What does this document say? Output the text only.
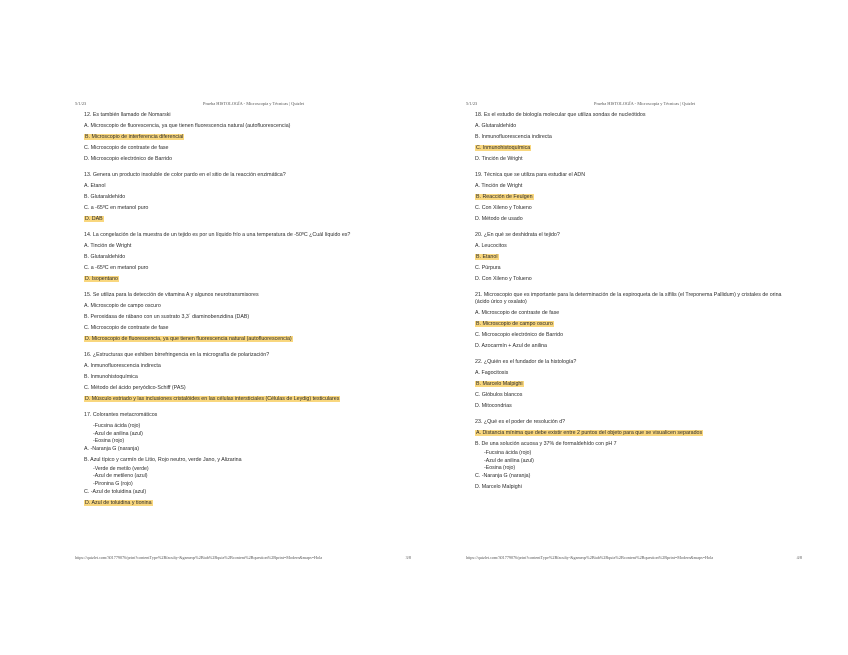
5/1/23	Prueba HISTOLOGÍA - Microscopía y Técnicas | Quizlet
12. Es también llamado de Nomarski
A. Microscopio de fluorescencia, ya que tienen fluorescencia natural (autofluorescencia)
B. Microscopio de interferencia diferencial
C. Microscopio de contraste de fase
D. Microscopio electrónico de Barrido
13. Genera un producto insoluble de color pardo en el sitio de la reacción enzimática?
A. Etanol
B. Glutaraldehído
C. a -65ºC en metanol puro
D. DAB
14. La congelación de la muestra de un tejido es por un líquido frío a una temperatura de -50ºC ¿Cuál líquido es?
A. Tinción de Wright
B. Glutaraldehído
C. a -65ºC en metanol puro
D. Isopentano
15. Se utiliza para la detección de vitamina A y algunos neurotransmisores
A. Microscopio de campo oscuro
B. Peroxidasa de rábano con un sustrato 3,3´ diaminobenzidina (DAB)
C. Microscopio de contraste de fase
D. Microscopio de fluorescencia, ya que tienen fluorescencia natural (autofluorescencia)
16. ¿Estructuras que exhiben birrefringencia en la micrografía de polarización?
A. Inmunofluorescencia indirecta
B. Inmunohistoquímica
C. Método del ácido peryódico-Schiff (PAS)
D. Músculo estriado y las inclusiones cristalóides en las células intersticiales (Células de Leydig) testiculares
17. Colorantes metacromáticos
-Fucsina ácida (rojo)
-Azul de anilina (azul)
-Eosina (rojo)
A. -Naranja G (naranja)
B. Azul típico y carmín de Litio, Rojo neutro, verde Jano, y Alizarina
-Verde de metilo (verde)
-Azul de metileno (azul)
-Pironina G (rojo)
C. -Azul de toluidina (azul)
D. Azul de toluidina y tionina
https://quizlet.com/301779076/print?contentType%2Bfaculty-&gameqs%2Btab%2Bquiz%2Bcontent%2Bquestion%2Bprint=Modern&maps=Hola	3/8
5/1/23	Prueba HISTOLOGÍA - Microscopía y Técnicas | Quizlet
18. Es el estudio de biología molecular que utiliza sondas de nucleótidos
A. Glutaraldehído
B. Inmunofluorescencia indirecta
C. Inmunohistoquímica
D. Tinción de Wright
19. Técnica que se utiliza para estudiar el ADN
A. Tinción de Wright
B. Reacción de Feulgen
C. Con Xileno y Tolueno
D. Método de usado
20. ¿En qué se deshidrata el tejido?
A. Leucocitos
B. Etanol
C. Púrpura
D. Con Xileno y Tolueno
21. Microscopio que es importante para la determinación de la espiroqueta de la sífilis (el Treponema Pallidum) y cristales de orina (ácido úrico y oxalato)
A. Microscopio de contraste de fase
B. Microscopio de campo oscuro
C. Microscopio electrónico de Barrido
D. Azocarmín + Azul de anilina
22. ¿Quién es el fundador de la histología?
A. Fagocitosis
B. Marcelo Malpighi
C. Glóbulos blancos
D. Mitocondrias
23. ¿Qué es el poder de resolución d?
A. Distancia mínima que debe existir entre 2 puntos del objeto para que se visualicen separados
B. De una solución acuosa y 37% de formaldehído con pH 7
-Fucsina ácida (rojo)
-Azul de anilina (azul)
-Eosina (rojo)
C. -Naranja G (naranja)
D. Marcelo Malpighi
https://quizlet.com/301779076/print?contentType%2Bfaculty-&gameqs%2Btab%2Bquiz%2Bcontent%2Bquestion%2Bprint=Modern&maps=Hola	4/8
